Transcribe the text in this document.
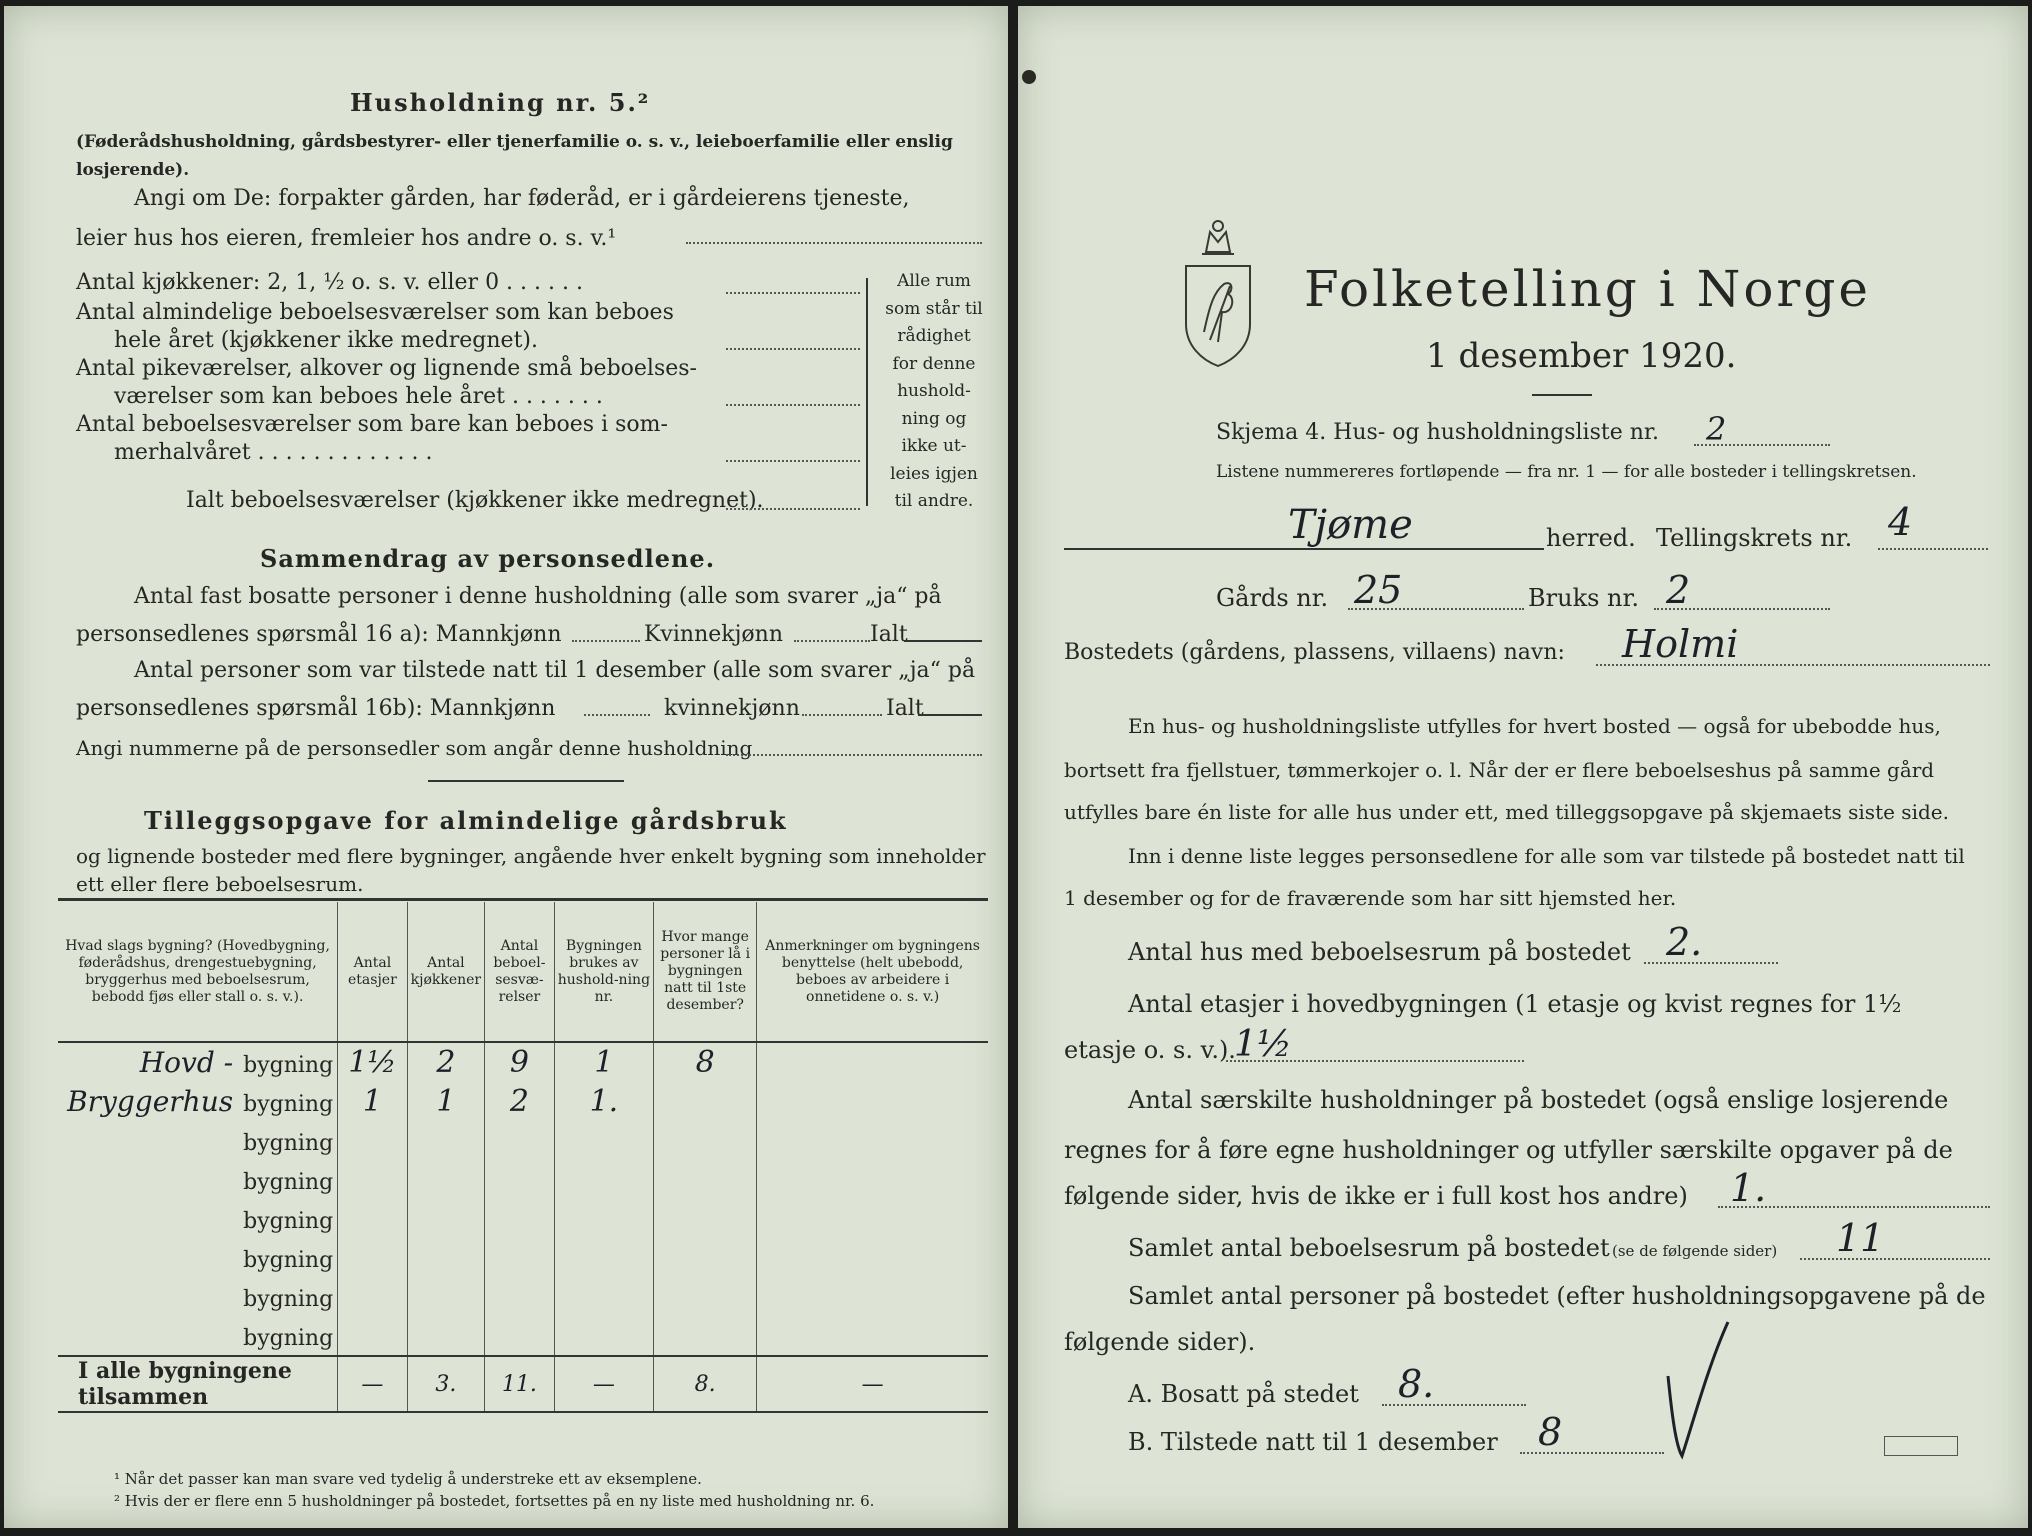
Husholdning nr. 5.²
(Føderådshusholdning, gårdsbestyrer- eller tjenerfamilie o. s. v., leieboerfamilie eller enslig losjerende).
Angi om De: forpakter gården, har føderåd, er i gårdeierens tjeneste,
leier hus hos eieren, fremleier hos andre o. s. v.¹
Antal kjøkkener: 2, 1, ½ o. s. v. eller 0 . . . . . .
Antal almindelige beboelsesværelser som kan beboes
hele året (kjøkkener ikke medregnet).
Antal pikeværelser, alkover og lignende små beboelses-
værelser som kan beboes hele året . . . . . . .
Antal beboelsesværelser som bare kan beboes i som-
merhalvåret . . . . . . . . . . . . .
Ialt beboelsesværelser (kjøkkener ikke medregnet).
Alle rum
som står til
rådighet
for denne
hushold-
ning og
ikke ut-
leies igjen
til andre.
Sammendrag av personsedlene.
Antal fast bosatte personer i denne husholdning (alle som svarer „ja“ på
personsedlenes spørsmål 16 a): Mannkjønn	Kvinnekjønn	Ialt
Antal personer som var tilstede natt til 1 desember (alle som svarer „ja“ på
personsedlenes spørsmål 16b): Mannkjønn	kvinnekjønn	Ialt
Angi nummerne på de personsedler som angår denne husholdning
Tilleggsopgave for almindelige gårdsbruk
og lignende bosteder med flere bygninger, angående hver enkelt bygning som inneholder
ett eller flere beboelsesrum.
Hvad slags bygning? (Hovedbygning, føderådshus, drengestuebygning, bryggerhus med beboelsesrum, bebodd fjøs eller stall o. s. v.).	Antal etasjer	Antal kjøkkener	Antal beboel-sesvæ-relser	Bygningen brukes av hushold-ning nr.	Hvor mange personer lå i bygningen natt til 1ste desember?	Anmerkninger om bygningens benyttelse (helt ubebodd, beboes av arbeidere i onnetidene o. s. v.)
Hovd - bygning	1½	2	9	1	8	
Bryggerhus bygning	1	1	2	1.		
bygning						
bygning						
bygning						
bygning						
bygning						
bygning						
I alle bygningene tilsammen	—	3.	11.	—	8.	—
¹ Når det passer kan man svare ved tydelig å understreke ett av eksemplene.
² Hvis der er flere enn 5 husholdninger på bostedet, fortsettes på en ny liste med husholdning nr. 6.
Folketelling i Norge
1 desember 1920.
Skjema 4. Hus- og husholdningsliste nr. 2
Listene nummereres fortløpende — fra nr. 1 — for alle bosteder i tellingskretsen.
Tjøme	herred. Tellingskrets nr. 4
Gårds nr. 25	Bruks nr. 2
Bostedets (gårdens, plassens, villaens) navn: Holmi
En hus- og husholdningsliste utfylles for hvert bosted — også for ubebodde hus,
bortsett fra fjellstuer, tømmerkojer o. l. Når der er flere beboelseshus på samme gård
utfylles bare én liste for alle hus under ett, med tilleggsopgave på skjemaets siste side.
Inn i denne liste legges personsedlene for alle som var tilstede på bostedet natt til
1 desember og for de fraværende som har sitt hjemsted her.
Antal hus med beboelsesrum på bostedet 2.
Antal etasjer i hovedbygningen (1 etasje og kvist regnes for 1½
etasje o. s. v.).
1½
Antal særskilte husholdninger på bostedet (også enslige losjerende
regnes for å føre egne husholdninger og utfyller særskilte opgaver på de
følgende sider, hvis de ikke er i full kost hos andre) 1.
Samlet antal beboelsesrum på bostedet (se de følgende sider) 11
Samlet antal personer på bostedet (efter husholdningsopgavene på de
følgende sider).
A. Bosatt på stedet 8.
B. Tilstede natt til 1 desember 8
